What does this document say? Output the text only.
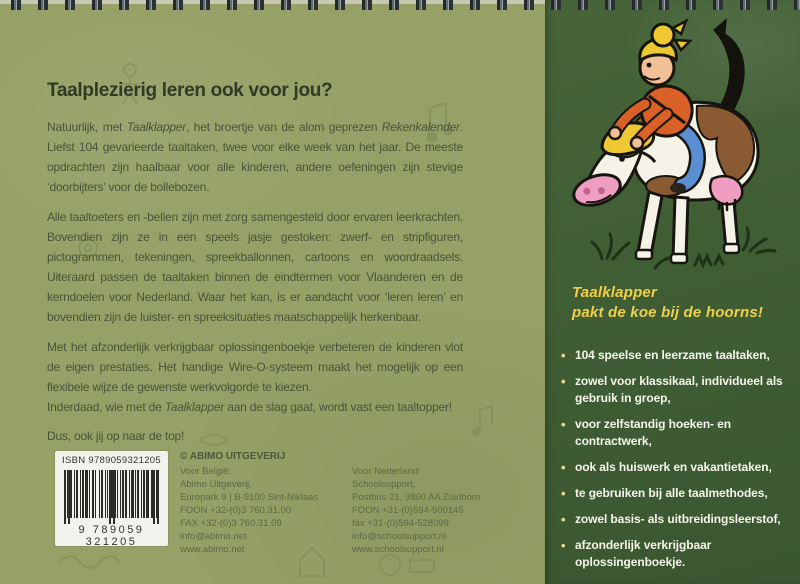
Taalplezierig leren ook voor jou?

Natuurlijk, met Taalklapper, het broertje van de alom geprezen Rekenkalender. Liefst 104 gevarieerde taaltaken, twee voor elke week van het jaar. De meeste opdrachten zijn haalbaar voor alle kinderen, andere oefeningen zijn stevige ‘doorbijters’ voor de bollebozen.

Alle taaltoeters en -bellen zijn met zorg samengesteld door ervaren leerkrachten. Bovendien zijn ze in een speels jasje gestoken: zwerf- en stripfiguren, pictogrammen, tekeningen, spreekballonnen, cartoons en woordraadsels. Uiteraard passen de taaltaken binnen de eindtermen voor Vlaanderen en de kerndoelen voor Nederland. Waar het kan, is er aandacht voor ‘leren leren’ en bovendien zijn de luister- en spreeksituaties maatschappelijk herkenbaar.

Met het afzonderlijk verkrijgbaar oplossingenboekje verbeteren de kinderen vlot de eigen prestaties. Het handige Wire-O-systeem maakt het mogelijk op een flexibele wijze de gewenste werkvolgorde te kiezen.

Inderdaad, wie met de Taalklapper aan de slag gaat, wordt vast een taaltopper!

Dus, ook jij op naar de top!

ISBN 9789059321205
9 789059 321205
© ABIMO UITGEVERIJ
Voor België:
Abimo Uitgeverij,
Europark 9 | B-9100 Sint-Niklaas
FOON +32-(0)3 760.31.00
FAX +32-(0)3 760.31.09
info@abimo.net
www.abimo.net
Voor Nederland:
Schoolsupport,
Postbus 21, 9800 AA Zuidhorn
FOON +31-(0)594-500145
fax +31-(0)594-528099
info@schoolsupport.nl
www.schoolsupport.nl
Taalklapper
pakt de koe bij de hoorns!
• 104 speelse en leerzame taaltaken,
• zowel voor klassikaal, individueel als gebruik in groep,
• voor zelfstandig hoeken- en contractwerk,
• ook als huiswerk en vakantietaken,
• te gebruiken bij alle taalmethodes,
• zowel basis- als uitbreidingsleerstof,
• afzonderlijk verkrijgbaar oplossingenboekje.
